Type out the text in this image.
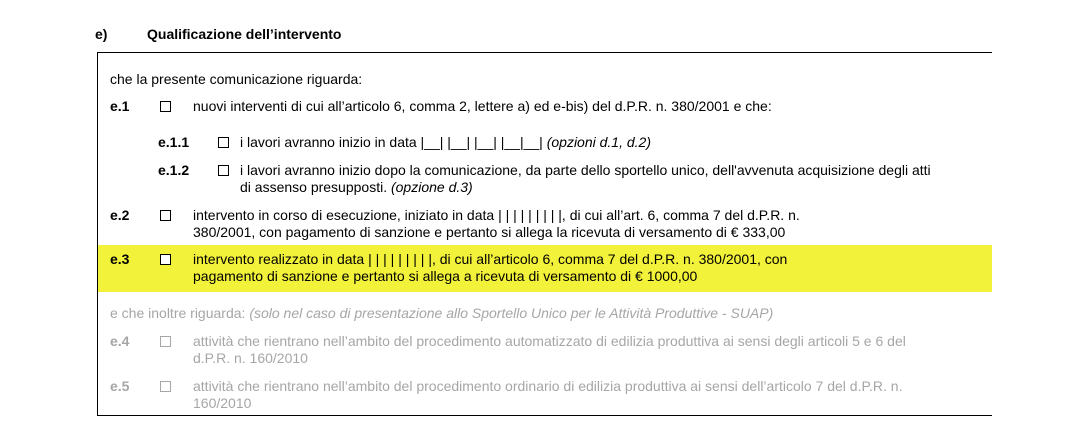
e)	Qualificazione dell’intervento
che la presente comunicazione riguarda:
e.1	nuovi interventi di cui all’articolo 6, comma 2, lettere a) ed e-bis) del d.P.R. n. 380/2001 e che:
e.1.1	i lavori avranno inizio in data |__| |__| |__| |__|__| (opzioni d.1, d.2)
e.1.2	i lavori avranno inizio dopo la comunicazione, da parte dello sportello unico, dell'avvenuta acquisizione degli atti
di assenso presupposti. (opzione d.3)
e.2	intervento in corso di esecuzione, iniziato in data | | | | | | | | |, di cui all’art. 6, comma 7 del d.P.R. n.
380/2001, con pagamento di sanzione e pertanto si allega la ricevuta di versamento di € 333,00
e.3	intervento realizzato in data | | | | | | | | |, di cui all’articolo 6, comma 7 del d.P.R. n. 380/2001, con
pagamento di sanzione e pertanto si allega a ricevuta di versamento di € 1000,00
e che inoltre riguarda: (solo nel caso di presentazione allo Sportello Unico per le Attività Produttive - SUAP)
e.4	attività che rientrano nell’ambito del procedimento automatizzato di edilizia produttiva ai sensi degli articoli 5 e 6 del
d.P.R. n. 160/2010
e.5	attività che rientrano nell’ambito del procedimento ordinario di edilizia produttiva ai sensi dell’articolo 7 del d.P.R. n.
160/2010
